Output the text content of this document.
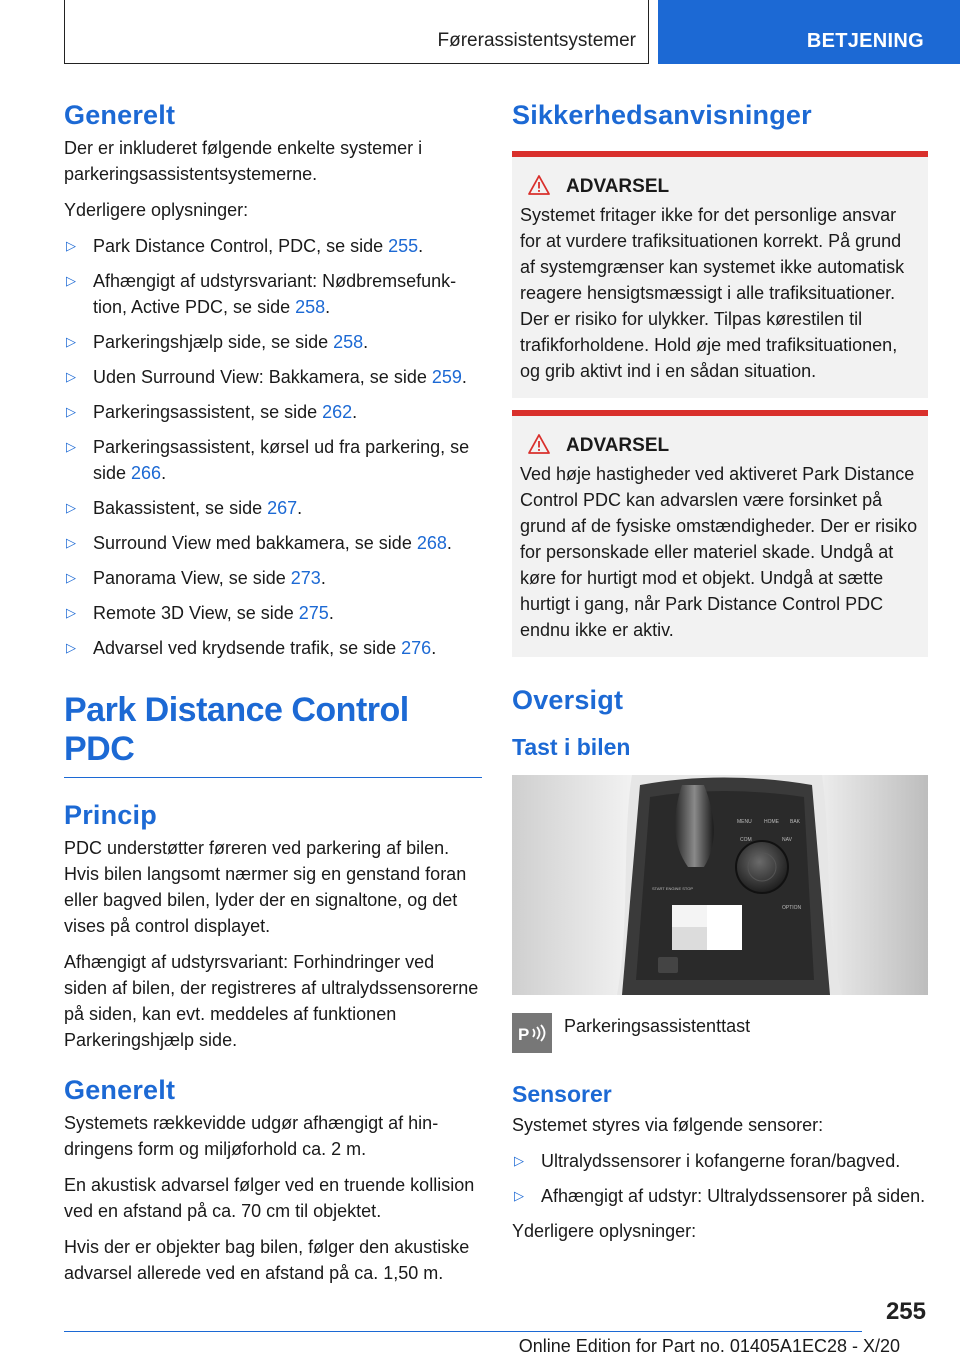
Førerassistentsystemer	BETJENING
Generelt

Der er inkluderet følgende enkelte systemer i parkeringsassistentsystemerne.

Yderligere oplysninger:

▷ Park Distance Control, PDC, se side 255.
▷ Afhængigt af udstyrsvariant: Nødbremsefunktion, Active PDC, se side 258.
▷ Parkeringshjælp side, se side 258.
▷ Uden Surround View: Bakkamera, se side 259.
▷ Parkeringsassistent, se side 262.
▷ Parkeringsassistent, kørsel ud fra parkering, se side 266.
▷ Bakassistent, se side 267.
▷ Surround View med bakkamera, se side 268.
▷ Panorama View, se side 273.
▷ Remote 3D View, se side 275.
▷ Advarsel ved krydsende trafik, se side 276.
Park Distance Control PDC
Princip

PDC understøtter føreren ved parkering af bilen. Hvis bilen langsomt nærmer sig en genstand foran eller bagved bilen, lyder der en signaltone, og det vises på control displayet.

Afhængigt af udstyrsvariant: Forhindringer ved siden af bilen, der registreres af ultralydssensorerne på siden, kan evt. meddeles af funktionen Parkeringshjælp side.

Generelt

Systemets rækkevidde udgør afhængigt af hindringens form og miljøforhold ca. 2 m.

En akustisk advarsel følger ved en truende kollision ved en afstand på ca. 70 cm til objektet.

Hvis der er objekter bag bilen, følger den akustiske advarsel allerede ved en afstand på ca. 1,50 m.

Sikkerhedsanvisninger
ADVARSEL

Systemet fritager ikke for det personlige ansvar for at vurdere trafiksituationen korrekt. På grund af systemgrænser kan systemet ikke automatisk reagere hensigtsmæssigt i alle trafiksituationer. Der er risiko for ulykker. Tilpas kørestilen til trafikforholdene. Hold øje med trafiksituationen, og grib aktivt ind i en sådan situation.

ADVARSEL

Ved høje hastigheder ved aktiveret Park Distance Control PDC kan advarslen være forsinket på grund af de fysiske omstændigheder. Der er risiko for personskade eller materiel skade. Undgå at køre for hurtigt mod et objekt. Undgå at sætte hurtigt i gang, når Park Distance Control PDC endnu ikke er aktiv.

Oversigt
Tast i bilen
MENU HOME BAK
COM	NAV
OPTION
START ENGINE STOP
P Parkeringsassistenttast

Sensorer

Systemet styres via følgende sensorer:

▷ Ultralydssensorer i kofangerne foran/bagved.
▷ Afhængigt af udstyr: Ultralydssensorer på siden.

Yderligere oplysninger:

255
Online Edition for Part no. 01405A1EC28 - X/20
